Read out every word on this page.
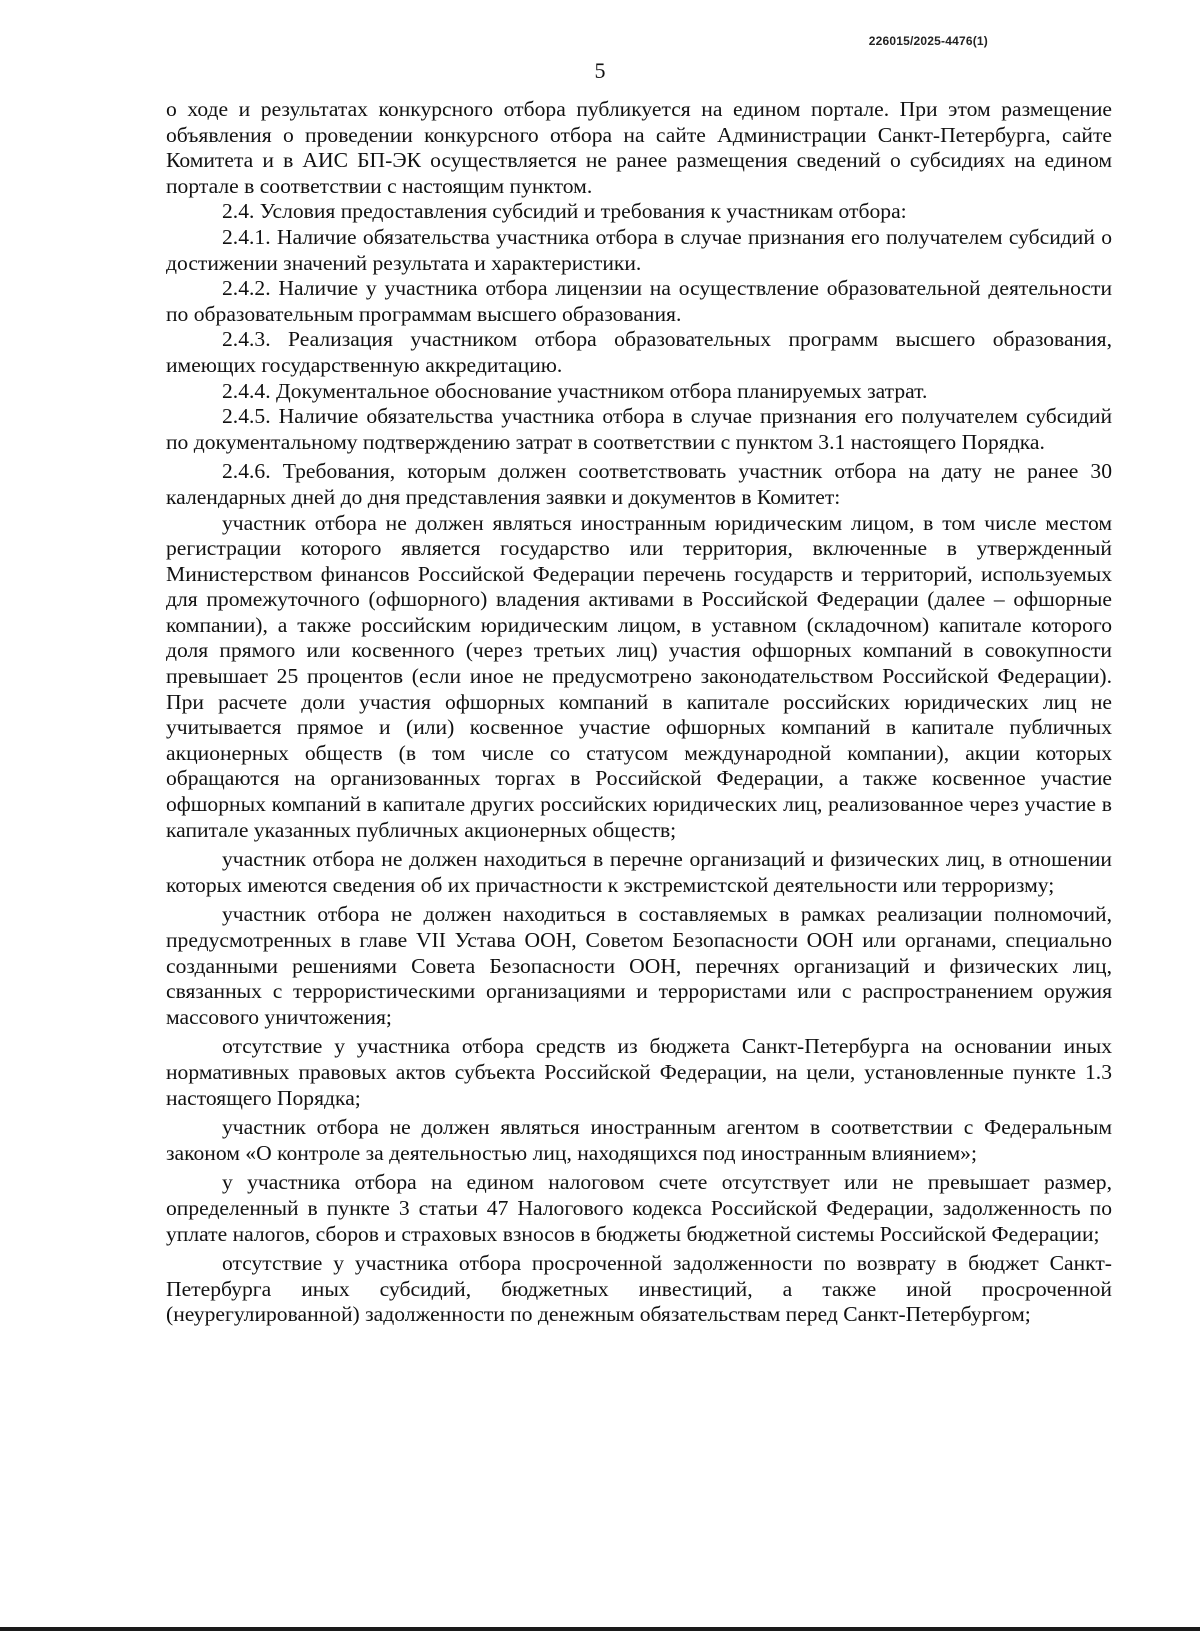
226015/2025-4476(1)
5

о ходе и результатах конкурсного отбора публикуется на едином портале. При этом размещение объявления о проведении конкурсного отбора на сайте Администрации Санкт-Петербурга, сайте Комитета и в АИС БП-ЭК осуществляется не ранее размещения сведений о субсидиях на едином портале в соответствии с настоящим пунктом.

2.4. Условия предоставления субсидий и требования к участникам отбора:

2.4.1. Наличие обязательства участника отбора в случае признания его получателем субсидий о достижении значений результата и характеристики.

2.4.2. Наличие у участника отбора лицензии на осуществление образовательной деятельности по образовательным программам высшего образования.

2.4.3. Реализация участником отбора образовательных программ высшего образования, имеющих государственную аккредитацию.

2.4.4. Документальное обоснование участником отбора планируемых затрат.

2.4.5. Наличие обязательства участника отбора в случае признания его получателем субсидий по документальному подтверждению затрат в соответствии с пунктом 3.1 настоящего Порядка.

2.4.6. Требования, которым должен соответствовать участник отбора на дату не ранее 30 календарных дней до дня представления заявки и документов в Комитет:

участник отбора не должен являться иностранным юридическим лицом, в том числе местом регистрации которого является государство или территория, включенные в утвержденный Министерством финансов Российской Федерации перечень государств и территорий, используемых для промежуточного (офшорного) владения активами в Российской Федерации (далее – офшорные компании), а также российским юридическим лицом, в уставном (складочном) капитале которого доля прямого или косвенного (через третьих лиц) участия офшорных компаний в совокупности превышает 25 процентов (если иное не предусмотрено законодательством Российской Федерации). При расчете доли участия офшорных компаний в капитале российских юридических лиц не учитывается прямое и (или) косвенное участие офшорных компаний в капитале публичных акционерных обществ (в том числе со статусом международной компании), акции которых обращаются на организованных торгах в Российской Федерации, а также косвенное участие офшорных компаний в капитале других российских юридических лиц, реализованное через участие в капитале указанных публичных акционерных обществ;

участник отбора не должен находиться в перечне организаций и физических лиц, в отношении которых имеются сведения об их причастности к экстремистской деятельности или терроризму;

участник отбора не должен находиться в составляемых в рамках реализации полномочий, предусмотренных в главе VII Устава ООН, Советом Безопасности ООН или органами, специально созданными решениями Совета Безопасности ООН, перечнях организаций и физических лиц, связанных с террористическими организациями и террористами или с распространением оружия массового уничтожения;

отсутствие у участника отбора средств из бюджета Санкт-Петербурга на основании иных нормативных правовых актов субъекта Российской Федерации, на цели, установленные пункте 1.3 настоящего Порядка;

участник отбора не должен являться иностранным агентом в соответствии с Федеральным законом «О контроле за деятельностью лиц, находящихся под иностранным влиянием»;

у участника отбора на едином налоговом счете отсутствует или не превышает размер, определенный в пункте 3 статьи 47 Налогового кодекса Российской Федерации, задолженность по уплате налогов, сборов и страховых взносов в бюджеты бюджетной системы Российской Федерации;

отсутствие у участника отбора просроченной задолженности по возврату в бюджет Санкт-Петербурга иных субсидий, бюджетных инвестиций, а также иной просроченной (неурегулированной) задолженности по денежным обязательствам перед Санкт-Петербургом;
